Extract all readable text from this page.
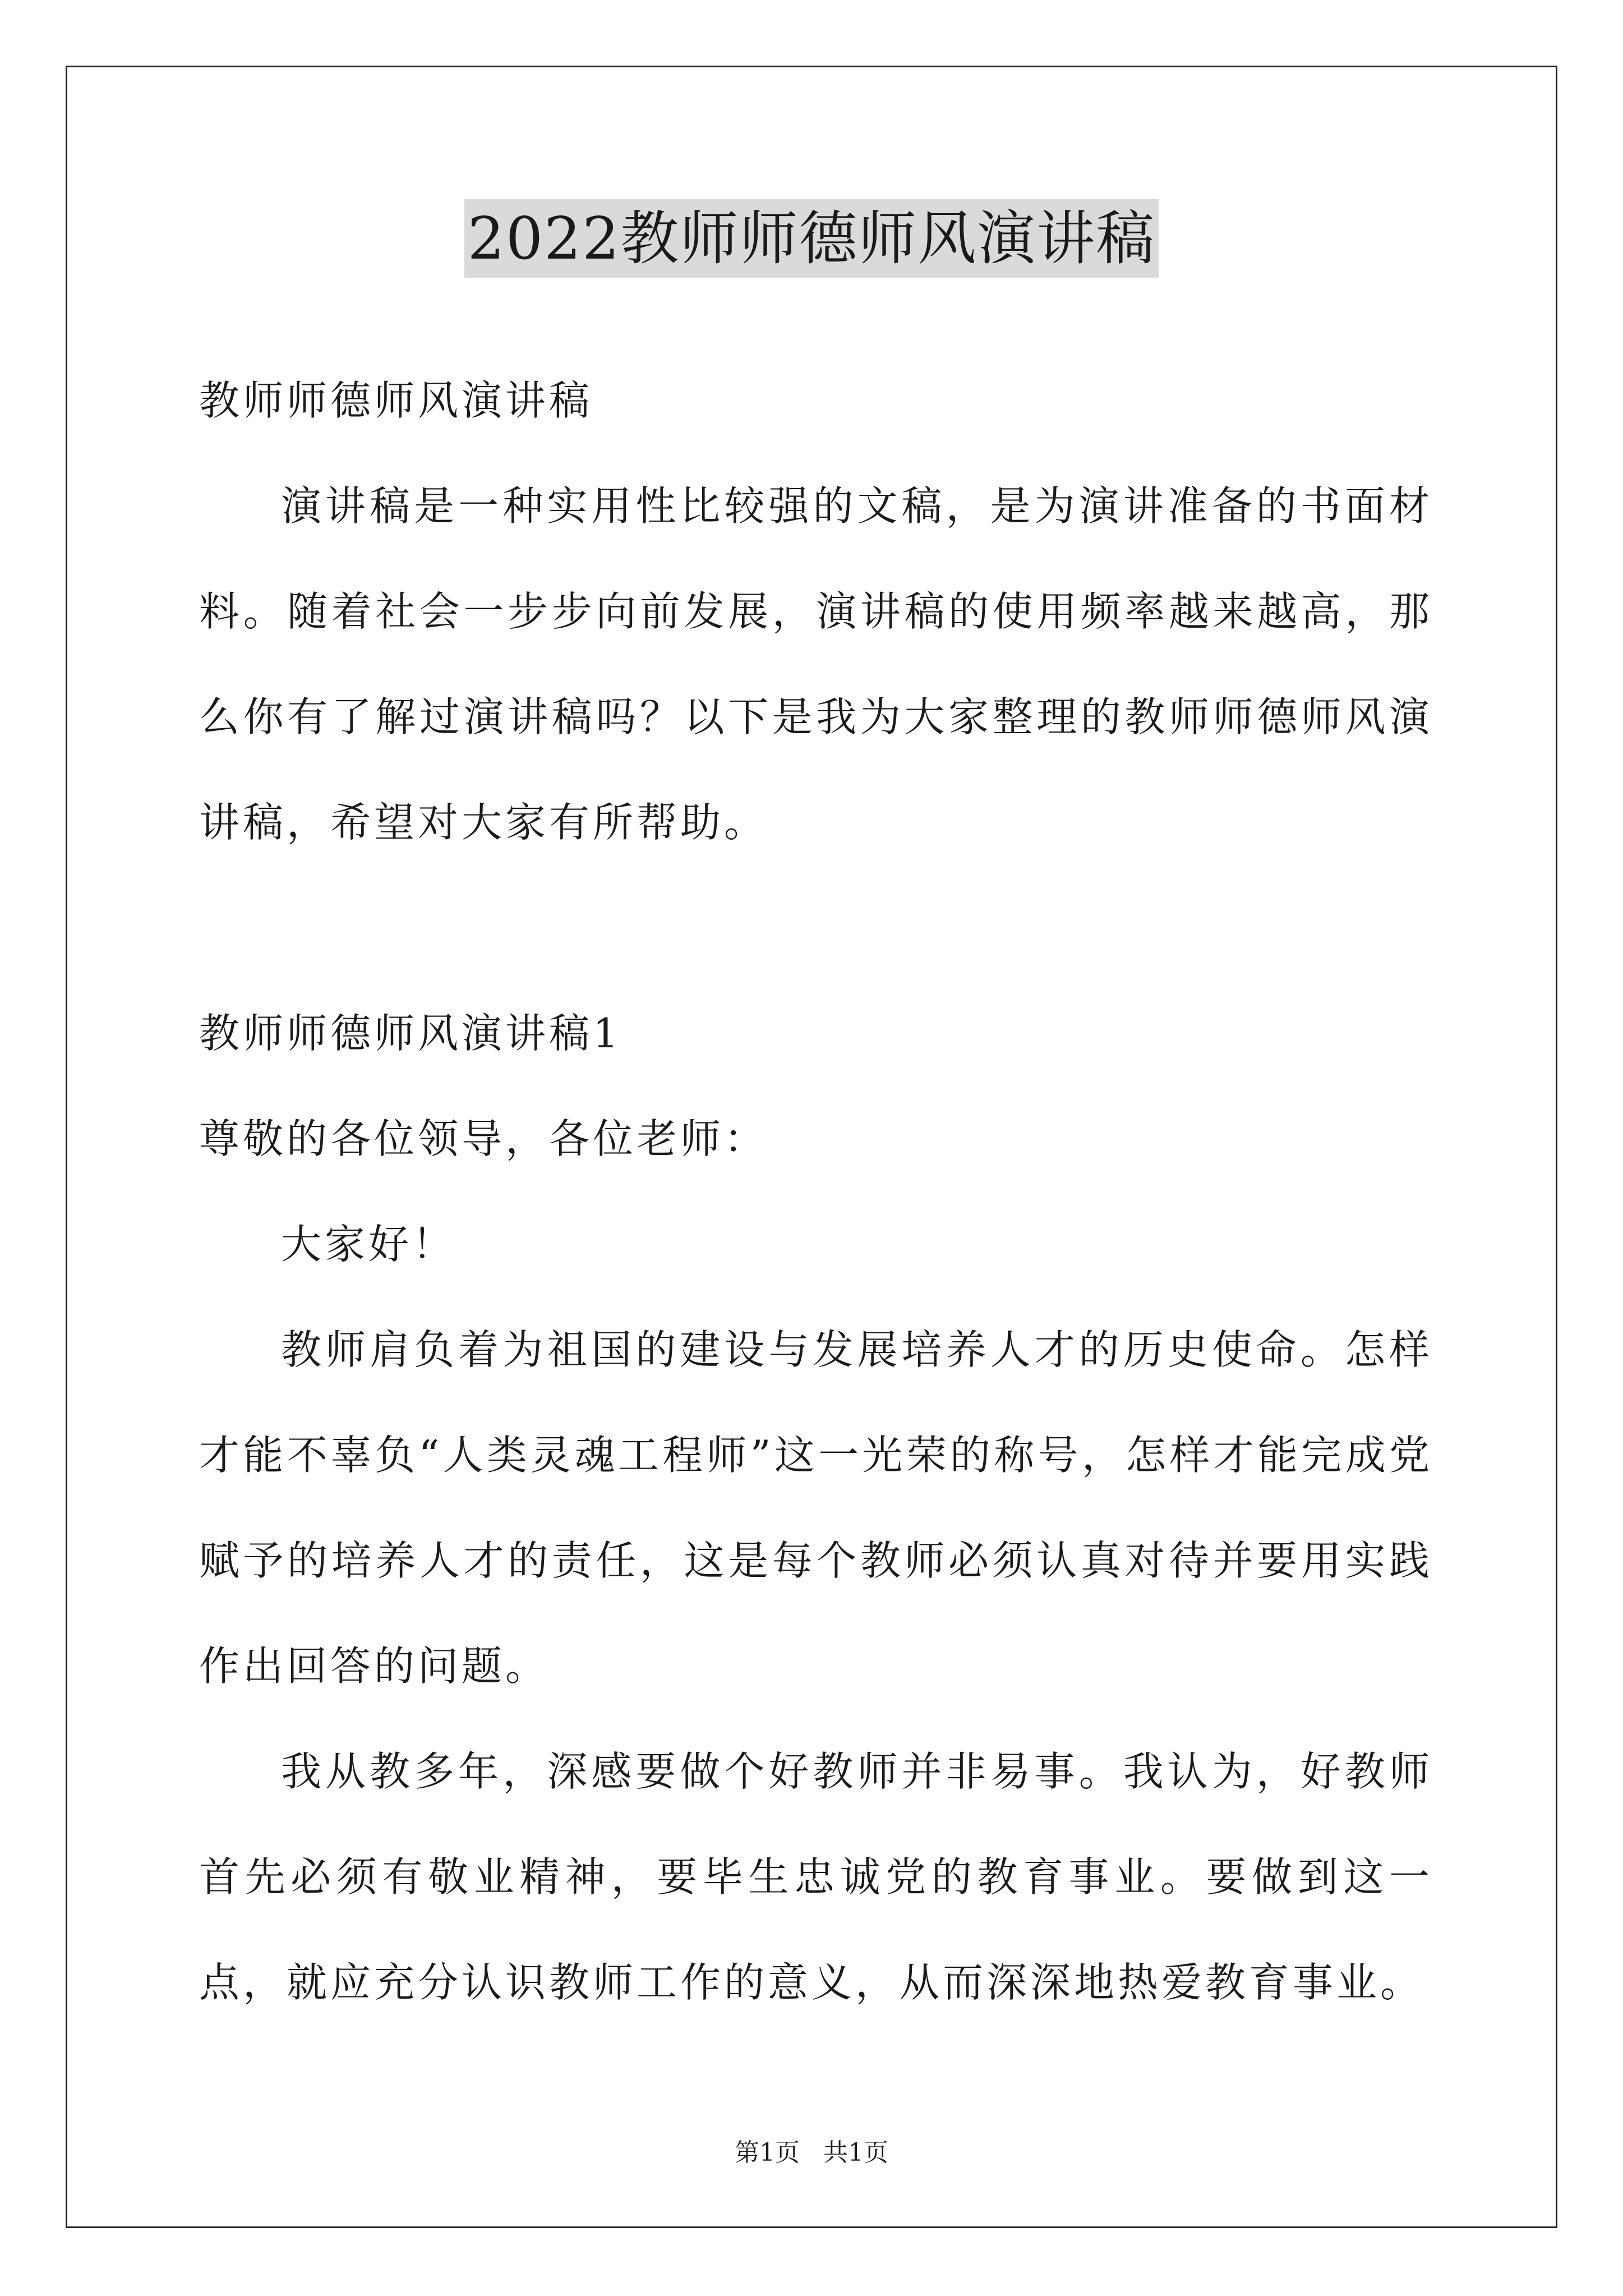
2022教师师德师风演讲稿

教师师德师风演讲稿

演讲稿是一种实用性比较强的文稿，是为演讲准备的书面材料。随着社会一步步向前发展，演讲稿的使用频率越来越高，那么你有了解过演讲稿吗？以下是我为大家整理的教师师德师风演讲稿，希望对大家有所帮助。

教师师德师风演讲稿1

尊敬的各位领导，各位老师：

大家好！

教师肩负着为祖国的建设与发展培养人才的历史使命。怎样才能不辜负“人类灵魂工程师”这一光荣的称号，怎样才能完成党赋予的培养人才的责任，这是每个教师必须认真对待并要用实践作出回答的问题。

我从教多年，深感要做个好教师并非易事。我认为，好教师首先必须有敬业精神，要毕生忠诚党的教育事业。要做到这一点，就应充分认识教师工作的意义，从而深深地热爱教育事业。

第1页   共1页
